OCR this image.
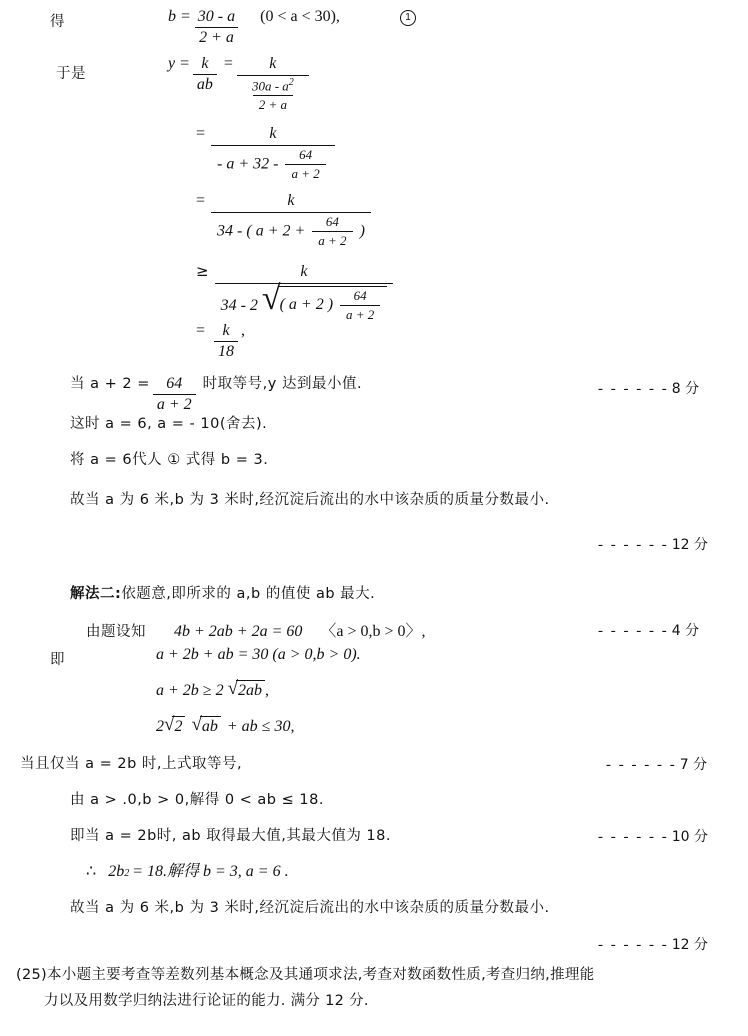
得	$b = \frac{30 - a}{2 + a} (0 < a < 30)$,	1
于是
$y = \frac{k}{ab} = \frac{k}{\frac{30a - a^2}{2 + a}}$
= $\frac{k}{- a + 32 - \frac{64}{a + 2}}$
=	k
34 - ( $a + 2 + \frac{64}{a + 2}$ )
≥	k
34 - 2 √ ( a + 2 ) $\frac{64}{a + 2}$
= $\frac{k}{18}$ ,
当 $a + 2 = \frac{64}{a + 2}$ 时取等号,y 达到最小值.	- - - - - - 8 分
这时 a = 6, a = - 10(舍去).
将 a = 6代人 ① 式得 b = 3.
故当 a 为 6 米,b 为 3 米时,经沉淀后流出的水中该杂质的质量分数最小.
- - - - - - 12 分
解法二: 依题意,即所求的 a,b 的值使 ab 最大.
由题设知 4b + 2ab + 2a = 60 〈a > 0,b > 0〉,	- - - - - - 4 分
即	a + 2b + ab = 30 (a > 0,b > 0).
a + 2b ≥ 2 √ 2ab ,
2 √ 2 √ ab + ab ≤ 30,
当且仅当 a = 2b 时,上式取等号,	- - - - - - 7 分
由 a > .0,b > 0,解得 0 < ab ≤ 18.
即当 a = 2b时, ab 取得最大值,其最大值为 18.	- - - - - - 10 分
∴ 2b 2 = 18.解得 b = 3, a = 6 .
故当 a 为 6 米,b 为 3 米时,经沉淀后流出的水中该杂质的质量分数最小.
- - - - - - 12 分
(25)本小题主要考查等差数列基本概念及其通项求法,考查对数函数性质,考查归纳,推理能
力以及用数学归纳法进行论证的能力. 满分 12 分.
